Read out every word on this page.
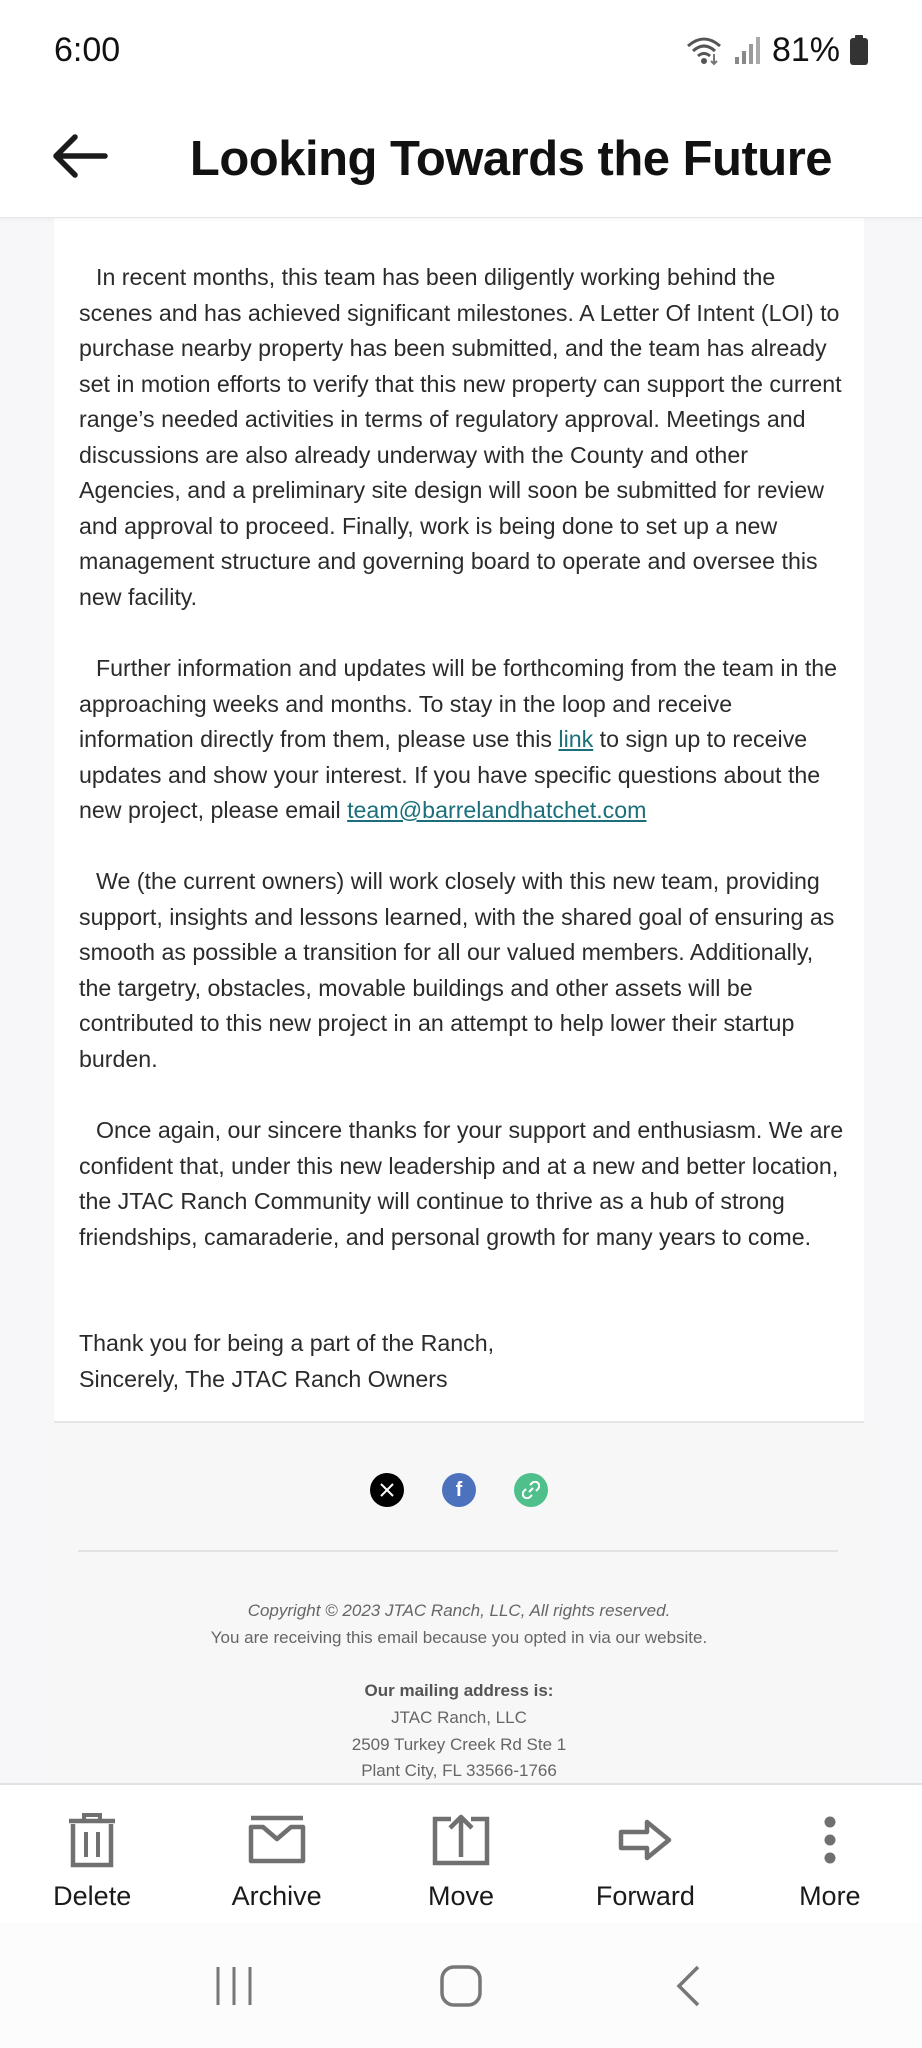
6:00	81%
Looking Towards the Future

In recent months, this team has been diligently working behind the scenes and has achieved significant milestones. A Letter Of Intent (LOI) to purchase nearby property has been submitted, and the team has already set in motion efforts to verify that this new property can support the current range’s needed activities in terms of regulatory approval. Meetings and discussions are also already underway with the County and other Agencies, and a preliminary site design will soon be submitted for review and approval to proceed. Finally, work is being done to set up a new management structure and governing board to operate and oversee this new facility.

Further information and updates will be forthcoming from the team in the approaching weeks and months. To stay in the loop and receive information directly from them, please use this link to sign up to receive updates and show your interest. If you have specific questions about the new project, please email team@barrelandhatchet.com

We (the current owners) will work closely with this new team, providing support, insights and lessons learned, with the shared goal of ensuring as smooth as possible a transition for all our valued members. Additionally, the targetry, obstacles, movable buildings and other assets will be contributed to this new project in an attempt to help lower their startup burden.

Once again, our sincere thanks for your support and enthusiasm. We are confident that, under this new leadership and at a new and better location, the JTAC Ranch Community will continue to thrive as a hub of strong friendships, camaraderie, and personal growth for many years to come.

Thank you for being a part of the Ranch,
Sincerely, The JTAC Ranch Owners

f
Copyright © 2023 JTAC Ranch, LLC, All rights reserved.
You are receiving this email because you opted in via our website.
Our mailing address is:
JTAC Ranch, LLC
2509 Turkey Creek Rd Ste 1
Plant City, FL 33566-1766
Delete	Archive	Move	Forward	More
